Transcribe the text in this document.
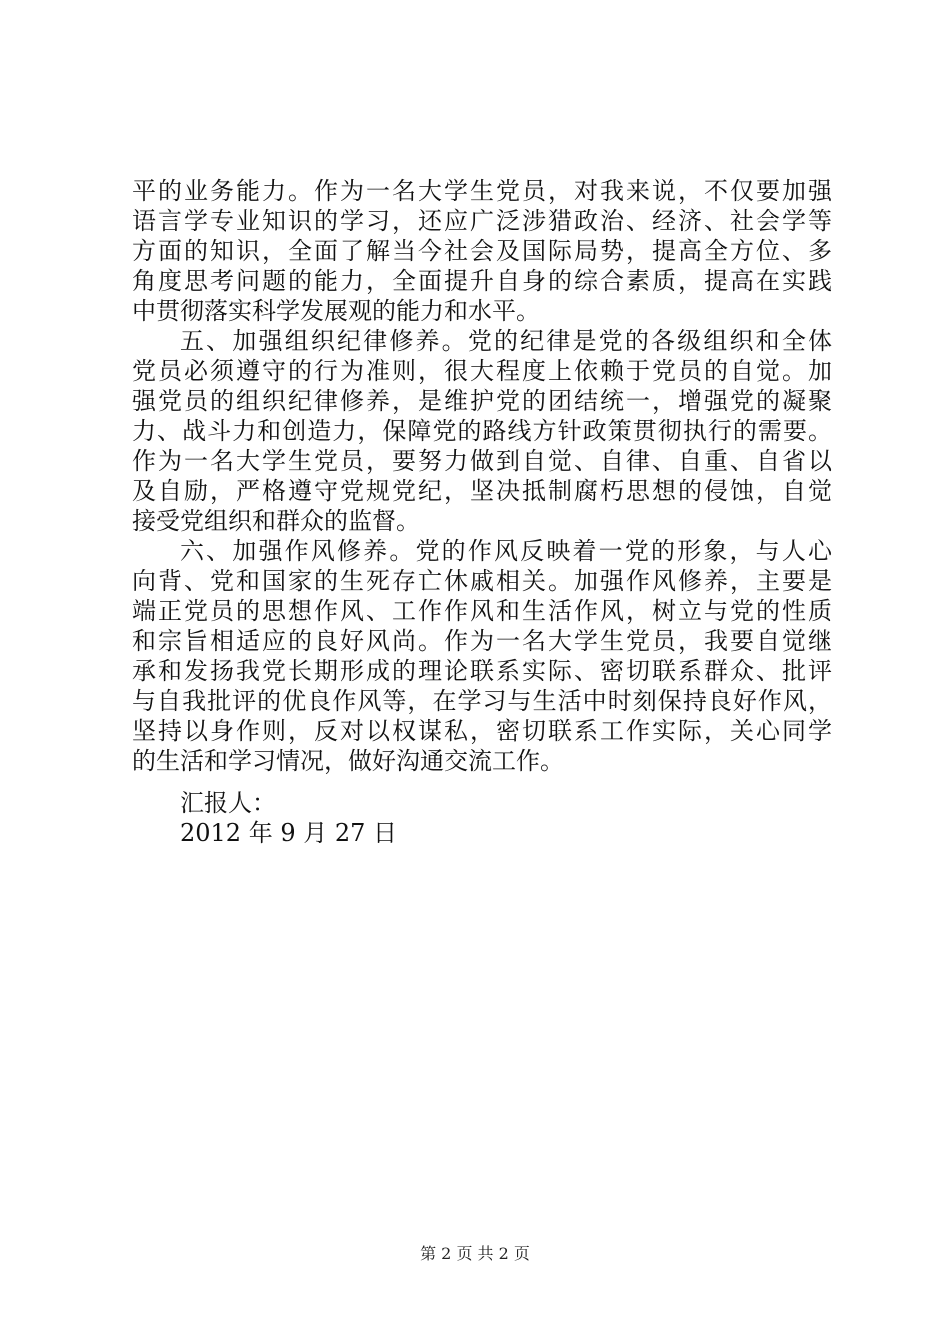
平的业务能力。作为一名大学生党员，对我来说，不仅要加强
语言学专业知识的学习，还应广泛涉猎政治、经济、社会学等
方面的知识，全面了解当今社会及国际局势，提高全方位、多
角度思考问题的能力，全面提升自身的综合素质，提高在实践
中贯彻落实科学发展观的能力和水平。
五、加强组织纪律修养。党的纪律是党的各级组织和全体
党员必须遵守的行为准则，很大程度上依赖于党员的自觉。加
强党员的组织纪律修养，是维护党的团结统一，增强党的凝聚
力、战斗力和创造力，保障党的路线方针政策贯彻执行的需要。
作为一名大学生党员，要努力做到自觉、自律、自重、自省以
及自励，严格遵守党规党纪，坚决抵制腐朽思想的侵蚀，自觉
接受党组织和群众的监督。
六、加强作风修养。党的作风反映着一党的形象，与人心
向背、党和国家的生死存亡休戚相关。加强作风修养，主要是
端正党员的思想作风、工作作风和生活作风，树立与党的性质
和宗旨相适应的良好风尚。作为一名大学生党员，我要自觉继
承和发扬我党长期形成的理论联系实际、密切联系群众、批评
与自我批评的优良作风等，在学习与生活中时刻保持良好作风，
坚持以身作则，反对以权谋私，密切联系工作实际，关心同学
的生活和学习情况，做好沟通交流工作。
汇报人：
2012 年 9 月 27 日
第 2 页 共 2 页
